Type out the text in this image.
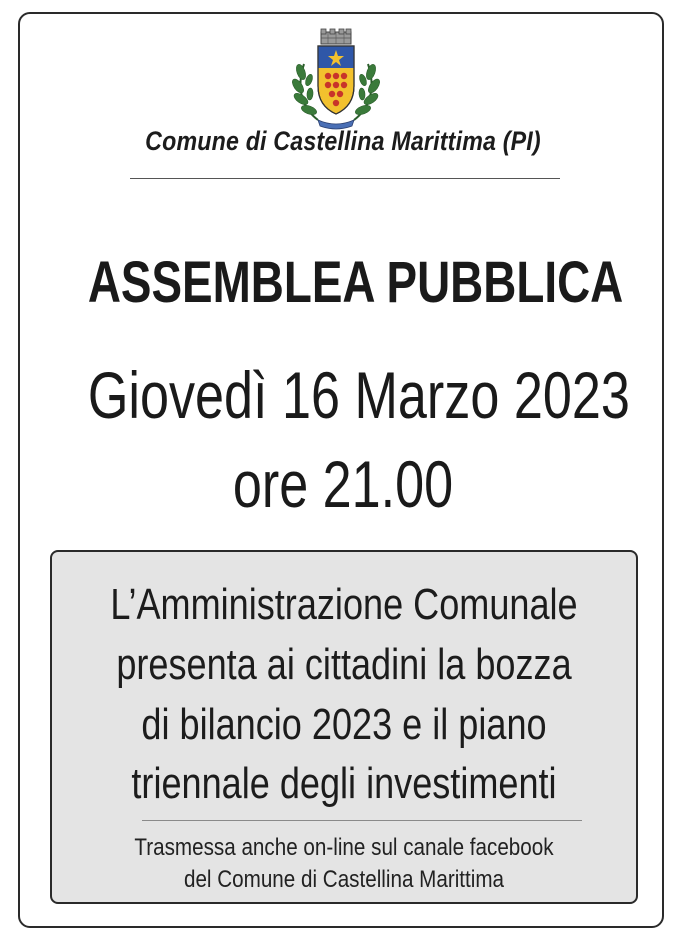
Comune di Castellina Marittima (PI)
ASSEMBLEA PUBBLICA
Giovedì 16 Marzo 2023
ore 21.00
L’Amministrazione Comunale
presenta ai cittadini la bozza
di bilancio 2023 e il piano
triennale degli investimenti
Trasmessa anche on-line sul canale facebook
del Comune di Castellina Marittima
